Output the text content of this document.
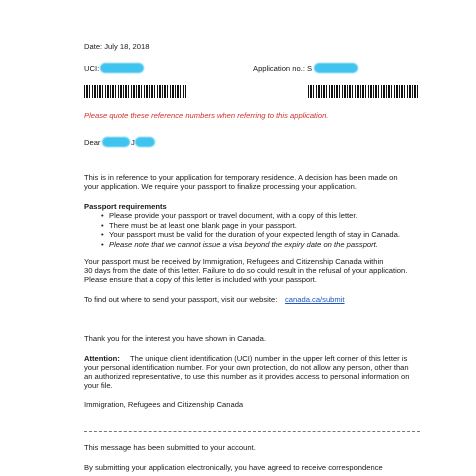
Date: July 18, 2018
UCI:	Application no.: S
Please quote these reference numbers when referring to this application.
Dear	J
This is in reference to your application for temporary residence. A decision has been made on
your application. We require your passport to finalize processing your application.
Passport requirements
• Please provide your passport or travel document, with a copy of this letter.
• There must be at least one blank page in your passport.
• Your passport must be valid for the duration of your expected length of stay in Canada.
• Please note that we cannot issue a visa beyond the expiry date on the passport.
Your passport must be received by Immigration, Refugees and Citizenship Canada within
30 days from the date of this letter. Failure to do so could result in the refusal of your application.
Please ensure that a copy of this letter is included with your passport.
To find out where to send your passport, visit our website: canada.ca/submit
Thank you for the interest you have shown in Canada.
Attention: The unique client identification (UCI) number in the upper left corner of this letter is
your personal identification number. For your own protection, do not allow any person, other than
an authorized representative, to use this number as it provides access to personal information on
your file.
Immigration, Refugees and Citizenship Canada
This message has been submitted to your account.
By submitting your application electronically, you have agreed to receive correspondence
